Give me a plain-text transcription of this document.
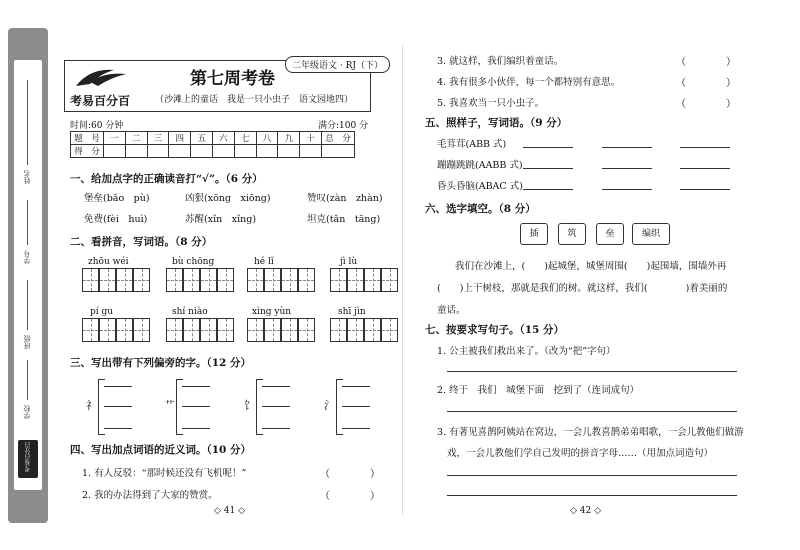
姓名
学号
班级
学校
考易百分百
考易百分百
第七周考卷
二年级语文 · RJ（下）
（沙滩上的童话　我是一只小虫子　语文园地四）
时间:60 分钟	满分:100 分
题　号	一	二	三	四	五	六	七	八	九	十	总　分
得　分											
一、给加点字的正确读音打“√”。（6 分）
堡垒(bǎo　pù)	凶狠(xōng　xiōng)	赞叹(zàn　zhàn)
免费(fèi　huì)	苏醒(xǐn　xǐng)	坦克(tǎn　tāng)
二、看拼音，写词语。（8 分）
zhōu wéi	bù chōng	hé lǐ	jì lù
pí gu	shí niào	xìng yùn	shī jìn
三、写出带有下列偏旁的字。（12 分）
礻	艹	饣	氵
四、写出加点词语的近义词。（10 分）
1. 有人反驳：“那时候还没有飞机呢！”	（　　　　）
2. 我的办法得到了大家的赞赏。	（　　　　）
◇ 41 ◇
3. 就这样，我们编织着童话。	（　　　　）
4. 我有很多小伙伴，每一个都特别有意思。	（　　　　）
5. 我喜欢当一只小虫子。	（　　　　）
五、照样子，写词语。（9 分）
毛茸茸(ABB 式)
蹦蹦跳跳(AABB 式)
昏头昏脑(ABAC 式)
六、选字填空。（8 分）
插	筑	垒	编织
我们在沙滩上，(　　)起城堡，城堡周围(　　)起围墙，围墙外再
(　　)上干树枝，那就是我们的树。就这样，我们(　　　　)着美丽的
童话。
七、按要求写句子。（15 分）
1. 公主被我们救出来了。（改为“把”字句）
2. 终于　我们　城堡下面　挖到了（连词成句）
3. 有著见喜鹊阿姨站在窝边，一会儿教喜鹊弟弟唱歌，一会儿教他们做游
戏，一会儿教他们学自己发明的拼音字母……（用加点词造句）
◇ 42 ◇
